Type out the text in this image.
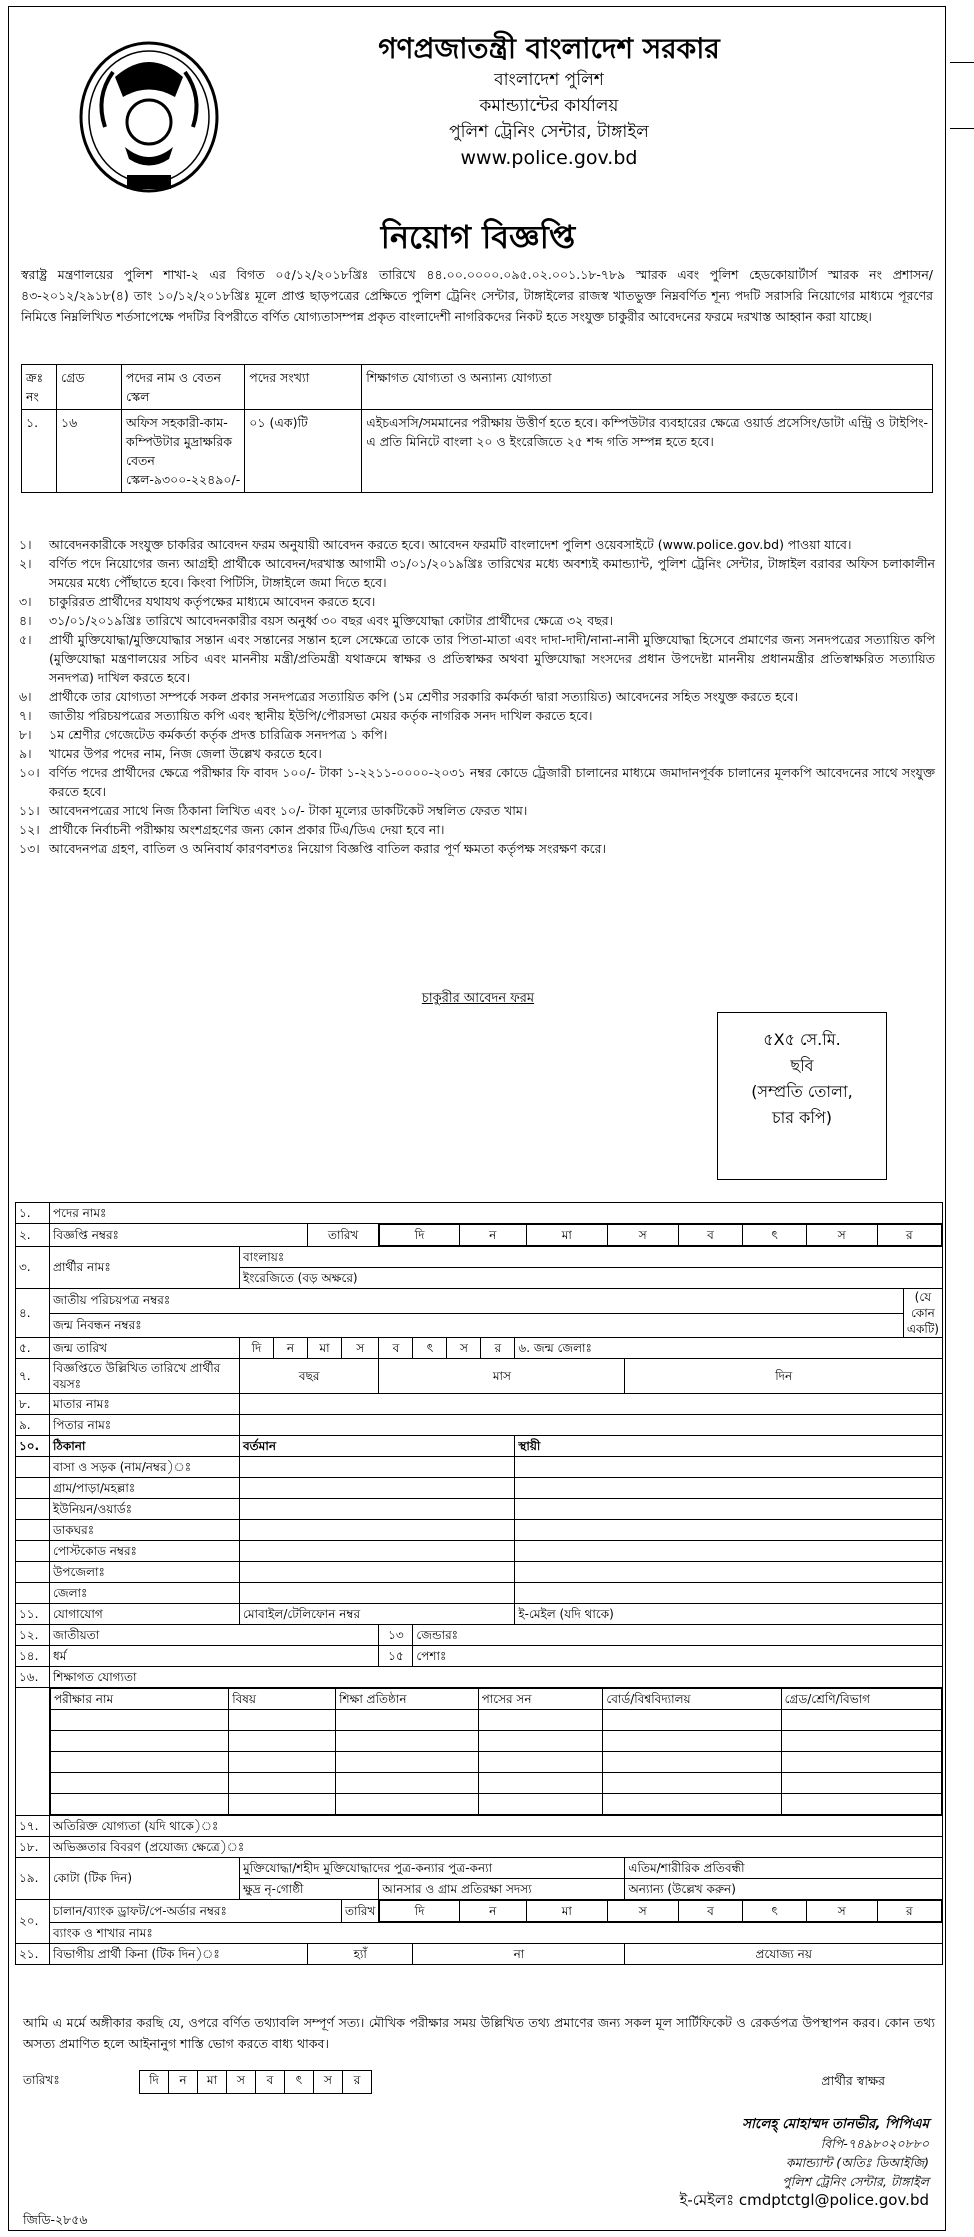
গণপ্রজাতন্ত্রী বাংলাদেশ সরকার
বাংলাদেশ পুলিশ
কমান্ড্যান্টের কার্যালয়
পুলিশ ট্রেনিং সেন্টার, টাঙ্গাইল
www.police.gov.bd
নিয়োগ বিজ্ঞপ্তি
স্বরাষ্ট্র মন্ত্রণালয়ের পুলিশ শাখা-২ এর বিগত ০৫/১২/২০১৮খ্রিঃ তারিখে ৪৪.০০.০০০০.০৯৫.০২.০০১.১৮-৭৮৯ স্মারক এবং পুলিশ হেডকোয়ার্টার্স স্মারক নং প্রশাসন/৪৩-২০১২/২৯১৮(৪) তাং ১০/১২/২০১৮খ্রিঃ মূলে প্রাপ্ত ছাড়পত্রের প্রেক্ষিতে পুলিশ ট্রেনিং সেন্টার, টাঙ্গাইলের রাজস্ব খাতভুক্ত নিম্নবর্ণিত শূন্য পদটি সরাসরি নিয়োগের মাধ্যমে পূরণের নিমিত্তে নিম্নলিখিত শর্তসাপেক্ষে পদটির বিপরীতে বর্ণিত যোগ্যতাসম্পন্ন প্রকৃত বাংলাদেশী নাগরিকদের নিকট হতে সংযুক্ত চাকুরীর আবেদনের ফরমে দরখাস্ত আহ্বান করা যাচ্ছে।
ক্রঃ নং	গ্রেড	পদের নাম ও বেতন স্কেল	পদের সংখ্যা	শিক্ষাগত যোগ্যতা ও অন্যান্য যোগ্যতা
১.	১৬	অফিস সহকারী-কাম-কম্পিউটার মুদ্রাক্ষরিক বেতন স্কেল-৯৩০০-২২৪৯০/-	০১ (এক)টি	এইচএসসি/সমমানের পরীক্ষায় উত্তীর্ণ হতে হবে। কম্পিউটার ব্যবহারের ক্ষেত্রে ওয়ার্ড প্রসেসিং/ডাটা এন্ট্রি ও টাইপিং-এ প্রতি মিনিটে বাংলা ২০ ও ইংরেজিতে ২৫ শব্দ গতি সম্পন্ন হতে হবে।
১।	আবেদনকারীকে সংযুক্ত চাকরির আবেদন ফরম অনুযায়ী আবেদন করতে হবে। আবেদন ফরমটি বাংলাদেশ পুলিশ ওয়েবসাইটে (www.police.gov.bd) পাওয়া যাবে।
২।	বর্ণিত পদে নিয়োগের জন্য আগ্রহী প্রার্থীকে আবেদন/দরখাস্ত আগামী ৩১/০১/২০১৯খ্রিঃ তারিখের মধ্যে অবশ্যই কমান্ড্যান্ট, পুলিশ ট্রেনিং সেন্টার, টাঙ্গাইল বরাবর অফিস চলাকালীন সময়ের মধ্যে পৌঁছাতে হবে। কিংবা পিটিসি, টাঙ্গাইলে জমা দিতে হবে।
৩।	চাকুরিরত প্রার্থীদের যথাযথ কর্তৃপক্ষের মাধ্যমে আবেদন করতে হবে।
৪।	৩১/০১/২০১৯খ্রিঃ তারিখে আবেদনকারীর বয়স অনুর্ধ্ব ৩০ বছর এবং মুক্তিযোদ্ধা কোটার প্রার্থীদের ক্ষেত্রে ৩২ বছর।
৫।	প্রার্থী মুক্তিযোদ্ধা/মুক্তিযোদ্ধার সন্তান এবং সন্তানের সন্তান হলে সেক্ষেত্রে তাকে তার পিতা-মাতা এবং দাদা-দাদী/নানা-নানী মুক্তিযোদ্ধা হিসেবে প্রমাণের জন্য সনদপত্রের সত্যায়িত কপি (মুক্তিযোদ্ধা মন্ত্রণালয়ের সচিব এবং মাননীয় মন্ত্রী/প্রতিমন্ত্রী যথাক্রমে স্বাক্ষর ও প্রতিস্বাক্ষর অথবা মুক্তিযোদ্ধা সংসদের প্রধান উপদেষ্টা মাননীয় প্রধানমন্ত্রীর প্রতিস্বাক্ষরিত সত্যায়িত সনদপত্র) দাখিল করতে হবে।
৬।	প্রার্থীকে তার যোগ্যতা সম্পর্কে সকল প্রকার সনদপত্রের সত্যায়িত কপি (১ম শ্রেণীর সরকারি কর্মকর্তা দ্বারা সত্যায়িত) আবেদনের সহিত সংযুক্ত করতে হবে।
৭।	জাতীয় পরিচয়পত্রের সত্যায়িত কপি এবং স্থানীয় ইউপি/পৌরসভা মেয়র কর্তৃক নাগরিক সনদ দাখিল করতে হবে।
৮।	১ম শ্রেণীর গেজেটেড কর্মকর্তা কর্তৃক প্রদত্ত চারিত্রিক সনদপত্র ১ কপি।
৯।	খামের উপর পদের নাম, নিজ জেলা উল্লেখ করতে হবে।
১০। বর্ণিত পদের প্রার্থীদের ক্ষেত্রে পরীক্ষার ফি বাবদ ১০০/- টাকা ১-২২১১-০০০০-২০৩১ নম্বর কোডে ট্রেজারী চালানের মাধ্যমে জমাদানপূর্বক চালানের মূলকপি আবেদনের সাথে সংযুক্ত করতে হবে।
১১। আবেদনপত্রের সাথে নিজ ঠিকানা লিখিত এবং ১০/- টাকা মূল্যের ডাকটিকেট সম্বলিত ফেরত খাম।
১২। প্রার্থীকে নির্বাচনী পরীক্ষায় অংশগ্রহণের জন্য কোন প্রকার টিএ/ডিএ দেয়া হবে না।
১৩। আবেদনপত্র গ্রহণ, বাতিল ও অনিবার্য কারণবশতঃ নিয়োগ বিজ্ঞপ্তি বাতিল করার পূর্ণ ক্ষমতা কর্তৃপক্ষ সংরক্ষণ করে।
চাকুরীর আবেদন ফরম
৫X৫ সে.মি.
ছবি
(সম্প্রতি তোলা,
চার কপি)
১.	পদের নামঃ
২.	বিজ্ঞপ্তি নম্বরঃ	তারিখ		দি	ন	মা	স	ব	ৎ	স	র

৩.	প্রার্থীর নামঃ	বাংলায়ঃ
ইংরেজিতে (বড় অক্ষরে)
৪.	জাতীয় পরিচয়পত্র নম্বরঃ	(যে কোন একটি)
জন্ম নিবন্ধন নম্বরঃ
৫.	জন্ম তারিখ	দি	ন	মা	স	ব	ৎ	স	র	৬. জন্ম জেলাঃ
৭.	বিজ্ঞপ্তিতে উল্লিখিত তারিখে প্রার্থীর বয়সঃ	বছর	মাস	দিন
৮.	মাতার নামঃ	
৯.	পিতার নামঃ	
১০.	ঠিকানা	বর্তমান	স্থায়ী
	বাসা ও সড়ক (নাম/নম্বর)ঃ		
	গ্রাম/পাড়া/মহল্লাঃ		
	ইউনিয়ন/ওয়ার্ডঃ		
	ডাকঘরঃ		
	পোস্টকোড নম্বরঃ		
	উপজেলাঃ		
	জেলাঃ		
১১.	যোগাযোগ	মোবাইল/টেলিফোন নম্বর	ই-মেইল (যদি থাকে)
১২.	জাতীয়তা	১৩	জেন্ডারঃ
১৪.	ধর্ম	১৫	পেশাঃ
১৬.	শিক্ষাগত যোগ্যতা

পরীক্ষার নাম	বিষয়	শিক্ষা প্রতিষ্ঠান	পাসের সন	বোর্ড/বিশ্ববিদ্যালয়	গ্রেড/শ্রেণি/বিভাগ

১৭.	অতিরিক্ত যোগ্যতা (যদি থাকে)ঃ
১৮.	অভিজ্ঞতার বিবরণ (প্রযোজ্য ক্ষেত্রে)ঃ
১৯.	কোটা (টিক দিন)	মুক্তিযোদ্ধা/শহীদ মুক্তিযোদ্ধাদের পুত্র-কন্যার পুত্র-কন্যা	এতিম/শারীরিক প্রতিবন্ধী
ক্ষুদ্র নৃ-গোষ্ঠী	আনসার ও গ্রাম প্রতিরক্ষা সদস্য	অন্যান্য (উল্লেখ করুন)
২০.	চালান/ব্যাংক ড্রাফট/পে-অর্ডার নম্বরঃ	তারিখ		দি	ন	মা	স	ব	ৎ	স	র

ব্যাংক ও শাখার নামঃ
২১.	বিভাগীয় প্রার্থী কিনা (টিক দিন)ঃ	হ্যাঁ	না	প্রযোজ্য নয়
আমি এ মর্মে অঙ্গীকার করছি যে, ওপরে বর্ণিত তথ্যাবলি সম্পূর্ণ সত্য। মৌখিক পরীক্ষার সময় উল্লিখিত তথ্য প্রমাণের জন্য সকল মূল সার্টিফিকেট ও রেকর্ডপত্র উপস্থাপন করব। কোন তথ্য অসত্য প্রমাণিত হলে আইনানুগ শাস্তি ভোগ করতে বাধ্য থাকব।
তারিখঃ	দি	ন	মা	স	ব	ৎ	স	র	প্রার্থীর স্বাক্ষর
সালেহ্ মোহাম্মদ তানভীর, পিপিএম
বিপি-৭৪৯৮০২০৮৮০
কমান্ড্যান্ট (অতিঃ ডিআইজি)
পুলিশ ট্রেনিং সেন্টার, টাঙ্গাইল
ই-মেইলঃ cmdptctgl@police.gov.bd
জিডি-২৮৫৬
